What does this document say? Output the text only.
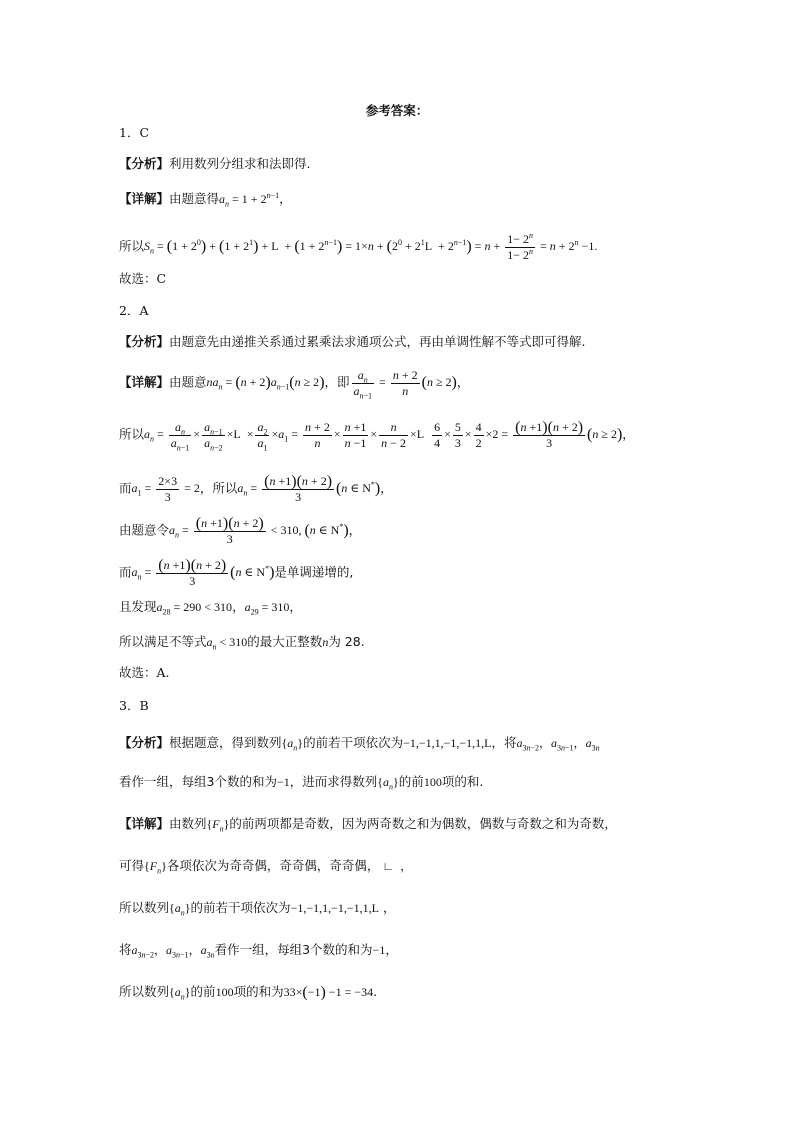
参考答案：
1．C
【分析】利用数列分组求和法即得.
【详解】由题意得$a_n = 1 + 2^{n-1}$，
所以$S_n = (1 + 2^0) + (1 + 2^1) + L + (1 + 2^{n-1}) = 1\times n + (2^0 + 2^1L + 2^{n-1}) = n + \frac{1- 2^n}{1- 2^n} = n + 2^n -1$.
故选：C
2．A
【分析】由题意先由递推关系通过累乘法求通项公式，再由单调性解不等式即可得解.
【详解】由题意$na_n = (n + 2)a_{n-1}(n \ge 2)$，即 $\frac{a_n}{a_{n-1}} = \frac{n + 2}{n} (n \ge 2)$，
所以$a_n = \frac{a_n}{a_{n-1}} \times \frac{a_{n-1}}{a_{n-2}} \times L \times \frac{a_2}{a_1} \times a_1 = \frac{n + 2}{n} \times \frac{n +1}{n -1} \times \frac{n}{n - 2} \times L \frac{6}{4} \times \frac{5}{3} \times \frac{4}{2} \times 2 = \frac{(n +1)(n + 2)}{3} (n \ge 2)$，
而$a_1 = \frac{2\times 3}{3} = 2$，所以$a_n = \frac{(n +1)(n + 2)}{3} (n$ ∈ N*)，
由题意令$a_n = \frac{(n +1)(n + 2)}{3} < 310$, (n ∈ N*)，
而$a_n = \frac{(n +1)(n + 2)}{3} (n$ ∈ N*)是单调递增的,
且发现$a_{28} = 290 < 310$，$a_{29} = 310$，
所以满足不等式$a_n < 310$的最大正整数n为 28.
故选：A.
3．B
【分析】根据题意，得到数列$\{a_n\}$的前若干项依次为−1,−1,1,−1,−1,1,L，将$a_{3n-2}$，$a_{3n-1}$，$a_{3n}$
看作一组，每组3个数的和为−1，进而求得数列$\{a_n\}$的前100项的和.
【详解】由数列$\{F_n\}$的前两项都是奇数，因为两奇数之和为偶数，偶数与奇数之和为奇数，
可得$\{F_n\}$各项依次为奇奇偶，奇奇偶，奇奇偶， ∟  ，
所以数列$\{a_n\}$的前若干项依次为−1,−1,1,−1,−1,1,L ，
将$a_{3n-2}$，$a_{3n-1}$，$a_{3n}$看作一组，每组3个数的和为−1，
所以数列$\{a_n\}$的前100项的和为33×(−1) −1 = −34.
